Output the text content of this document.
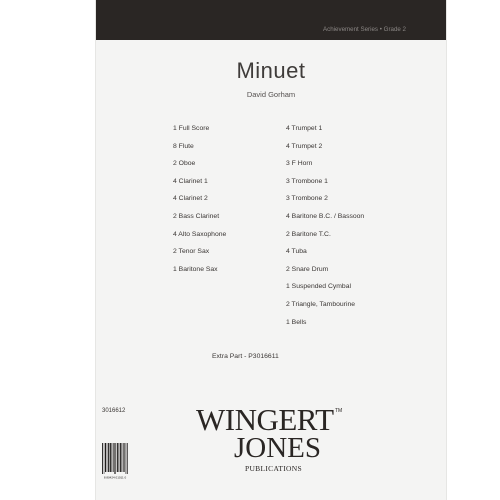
Achievement Series • Grade 2
Minuet
David Gorham
1 Full Score
8 Flute
2 Oboe
4 Clarinet 1
4 Clarinet 2
2 Bass Clarinet
4 Alto Saxophone
2 Tenor Sax
1 Baritone Sax
4 Trumpet 1
4 Trumpet 2
3 F Horn
3 Trombone 1
3 Trombone 2
4 Baritone B.C. / Bassoon
2 Baritone T.C.
4 Tuba
2 Snare Drum
1 Suspended Cymbal
2 Triangle, Tambourine
1 Bells
Extra Part - P3016611
WINGERT TM
JONES
PUBLICATIONS
3016612
8 80424 01011 0
